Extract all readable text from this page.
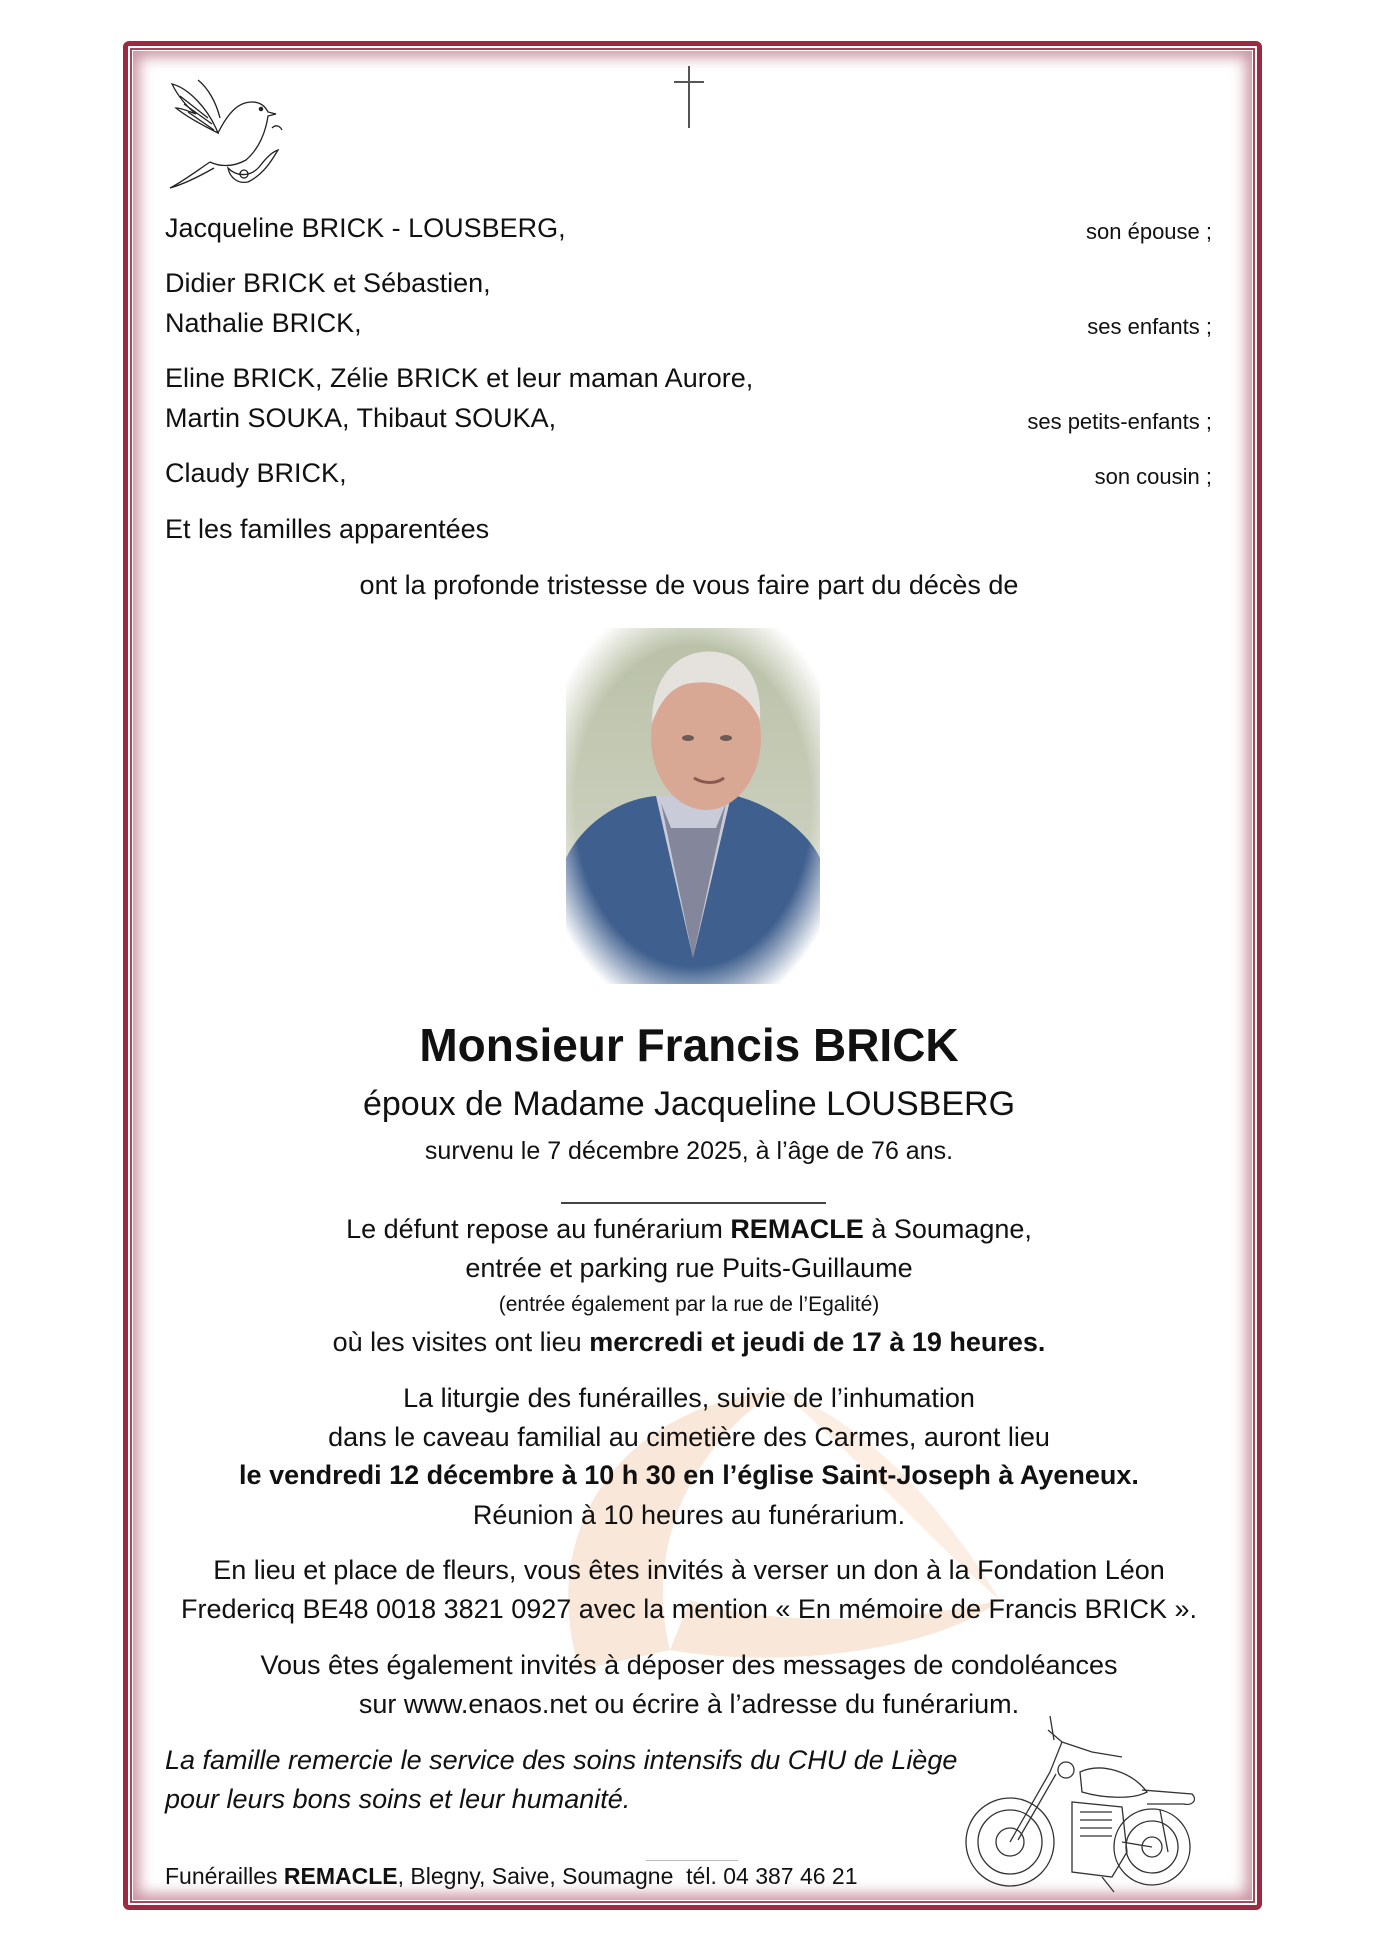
Jacqueline BRICK - LOUSBERG,	son épouse ;
Didier BRICK et Sébastien,
Nathalie BRICK,	ses enfants ;
Eline BRICK, Zélie BRICK et leur maman Aurore,
Martin SOUKA, Thibaut SOUKA,	ses petits-enfants ;
Claudy BRICK,	son cousin ;
Et les familles apparentées
ont la profonde tristesse de vous faire part du décès de
Monsieur Francis BRICK
époux de Madame Jacqueline LOUSBERG
survenu le 7 décembre 2025, à l’âge de 76 ans.
Le défunt repose au funérarium REMACLE à Soumagne,
entrée et parking rue Puits-Guillaume
(entrée également par la rue de l’Egalité)
où les visites ont lieu mercredi et jeudi de 17 à 19 heures.
La liturgie des funérailles, suivie de l’inhumation
dans le caveau familial au cimetière des Carmes, auront lieu
le vendredi 12 décembre à 10 h 30 en l’église Saint-Joseph à Ayeneux.
Réunion à 10 heures au funérarium.
En lieu et place de fleurs, vous êtes invités à verser un don à la Fondation Léon
Fredericq BE48 0018 3821 0927 avec la mention « En mémoire de Francis BRICK ».
Vous êtes également invités à déposer des messages de condoléances
sur www.enaos.net ou écrire à l’adresse du funérarium.
La famille remercie le service des soins intensifs du CHU de Liège
pour leurs bons soins et leur humanité.
Funérailles REMACLE, Blegny, Saive, Soumagne  tél. 04 387 46 21
